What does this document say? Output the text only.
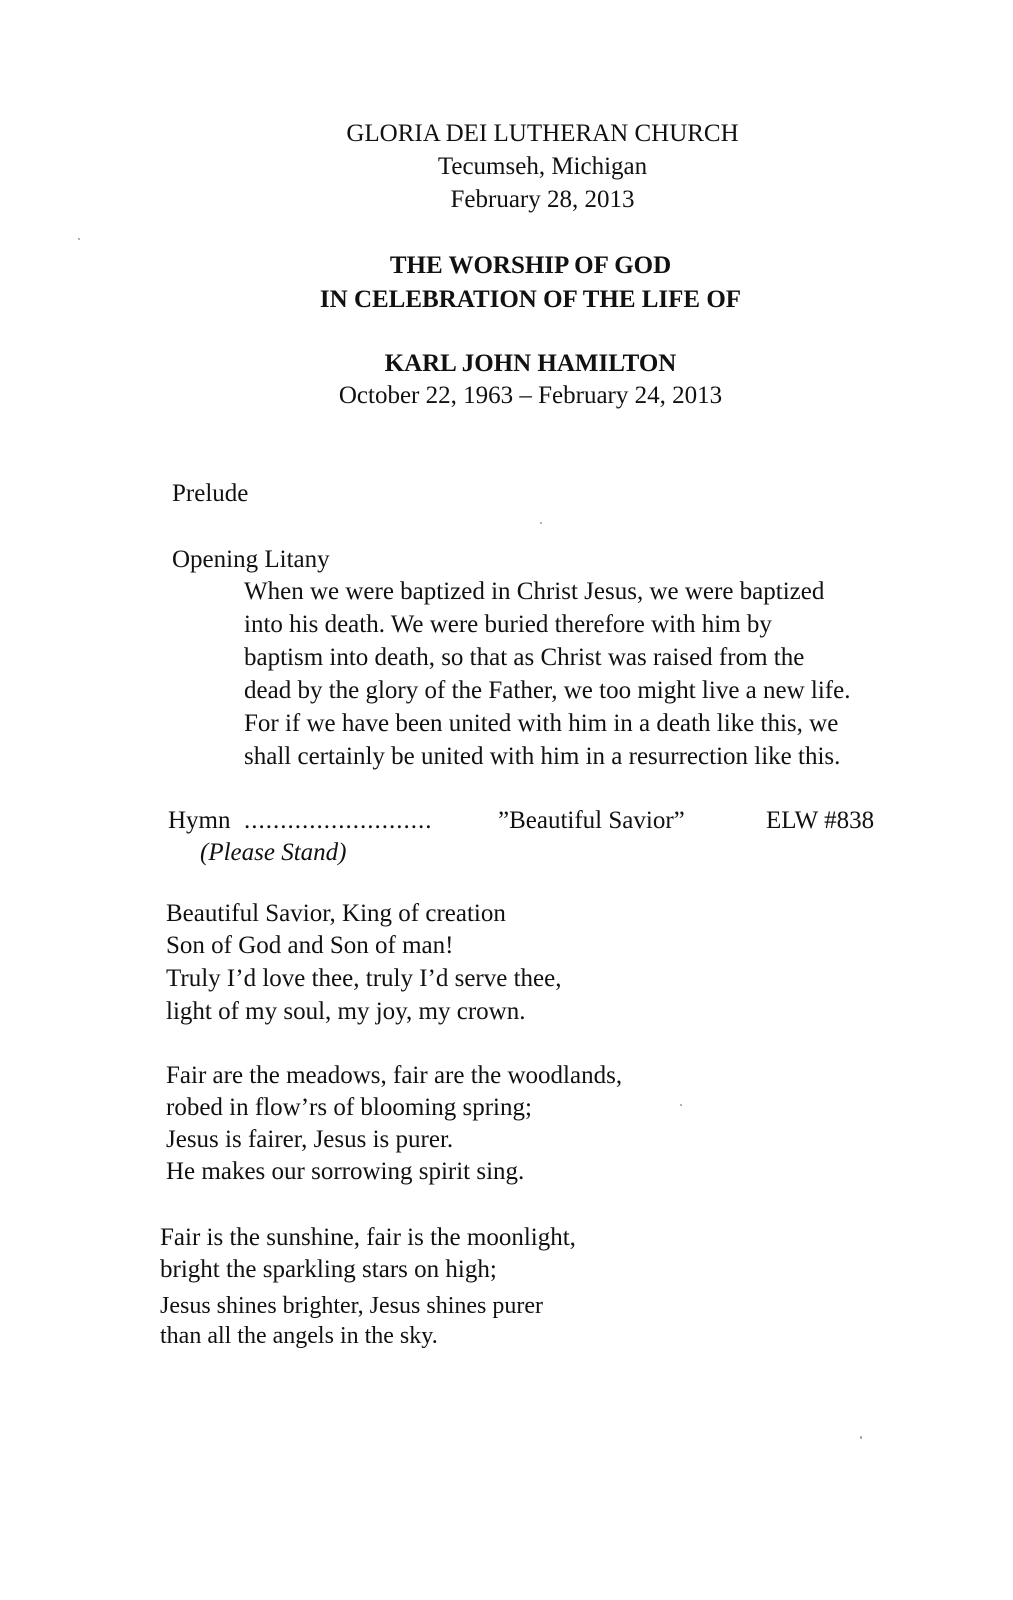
GLORIA DEI LUTHERAN CHURCH
Tecumseh, Michigan
February 28, 2013
THE WORSHIP OF GOD
IN CELEBRATION OF THE LIFE OF
KARL JOHN HAMILTON
October 22, 1963 – February 24, 2013
Prelude
Opening Litany
When we were baptized in Christ Jesus, we were baptized
into his death. We were buried therefore with him by
baptism into death, so that as Christ was raised from the
dead by the glory of the Father, we too might live a new life.
For if we have been united with him in a death like this, we
shall certainly be united with him in a resurrection like this.
Hymn ..........................	”Beautiful Savior”	ELW #838
(Please Stand)
Beautiful Savior, King of creation
Son of God and Son of man!
Truly I’d love thee, truly I’d serve thee,
light of my soul, my joy, my crown.
Fair are the meadows, fair are the woodlands,
robed in flow’rs of blooming spring;
Jesus is fairer, Jesus is purer.
He makes our sorrowing spirit sing.
Fair is the sunshine, fair is the moonlight,
bright the sparkling stars on high;
Jesus shines brighter, Jesus shines purer
than all the angels in the sky.
